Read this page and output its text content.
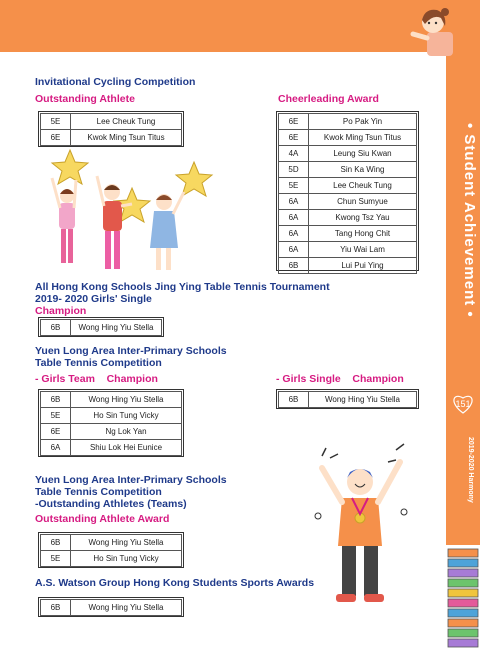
• Student Achievement •
151
2019-2020 Harmony
Invitational Cycling Competition
Outstanding Athlete
5E	Lee Cheuk Tung
6E	Kwok Ming Tsun Titus
Cheerleading Award
6E	Po Pak Yin
6E	Kwok Ming Tsun Titus
4A	Leung Siu Kwan
5D	Sin Ka Wing
5E	Lee Cheuk Tung
6A	Chun Sumyue
6A	Kwong Tsz Yau
6A	Tang Hong Chit
6A	Yiu Wai Lam
6B	Lui Pui Ying
All Hong Kong Schools Jing Ying Table Tennis Tournament
2019- 2020 Girls' Single
Champion
6B	Wong Hing Yiu Stella
Yuen Long Area Inter-Primary Schools
Table Tennis Competition
- Girls Team    Champion	- Girls Single    Champion
6B	Wong Hing Yiu Stella
5E	Ho Sin Tung Vicky
6E	Ng Lok Yan
6A	Shiu Lok Hei Eunice
6B	Wong Hing Yiu Stella
Yuen Long Area Inter-Primary Schools
Table Tennis Competition
-Outstanding Athletes (Teams)
Outstanding Athlete Award
6B	Wong Hing Yiu Stella
5E	Ho Sin Tung Vicky
A.S. Watson Group Hong Kong Students Sports Awards
6B	Wong Hing Yiu Stella
